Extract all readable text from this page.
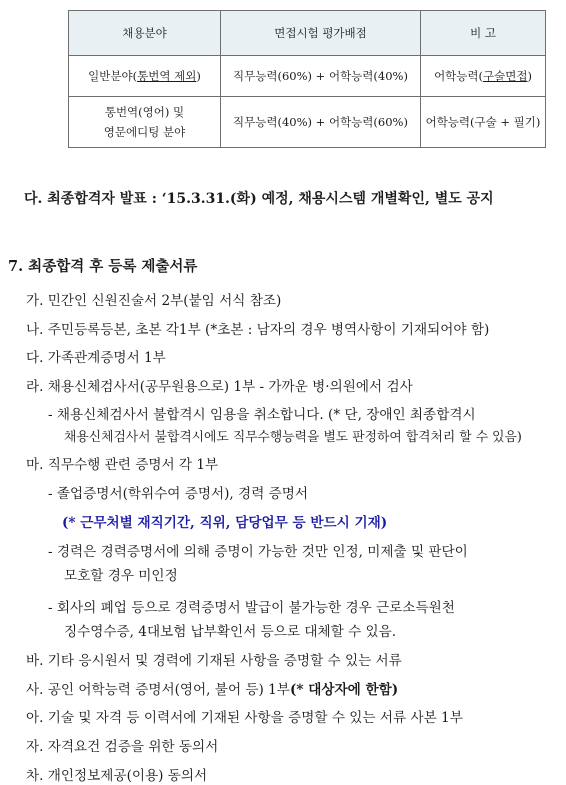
채용분야	면접시험 평가배점	비 고
일반분야(통번역 제외)	직무능력(60%) + 어학능력(40%)	어학능력(구술면접)

통번역(영어) 및
영문에디팅 분야	직무능력(40%) + 어학능력(60%)	어학능력(구술 + 필기)
다. 최종합격자 발표 : ‘15.3.31.(화) 예정, 채용시스템 개별확인, 별도 공지
7. 최종합격 후 등록 제출서류
가. 민간인 신원진술서 2부(붙임 서식 참조)
나. 주민등록등본, 초본 각1부 (*초본 : 남자의 경우 병역사항이 기재되어야 함)
다. 가족관계증명서 1부
라. 채용신체검사서(공무원용으로) 1부 - 가까운 병·의원에서 검사
- 채용신체검사서 불합격시 임용을 취소합니다. (* 단, 장애인 최종합격시
채용신체검사서 불합격시에도 직무수행능력을 별도 판정하여 합격처리 할 수 있음)
마. 직무수행 관련 증명서 각 1부
- 졸업증명서(학위수여 증명서), 경력 증명서
(* 근무처별 재직기간, 직위, 담당업무 등 반드시 기재)
- 경력은 경력증명서에 의해 증명이 가능한 것만 인정, 미제출 및 판단이
모호할 경우 미인정
- 회사의 폐업 등으로 경력증명서 발급이 불가능한 경우 근로소득원천
징수영수증, 4대보험 납부확인서 등으로 대체할 수 있음.
바. 기타 응시원서 및 경력에 기재된 사항을 증명할 수 있는 서류
사. 공인 어학능력 증명서(영어, 불어 등) 1부(* 대상자에 한함)
아. 기술 및 자격 등 이력서에 기재된 사항을 증명할 수 있는 서류 사본 1부
자. 자격요건 검증을 위한 동의서
차. 개인정보제공(이용) 동의서
